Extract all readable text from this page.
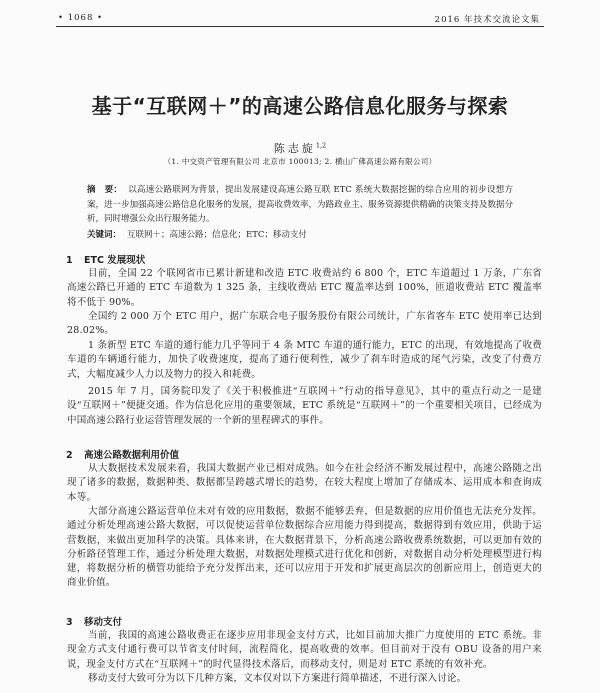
• 1068 •	2016 年技术交流论文集
基于“互联网＋”的高速公路信息化服务与探索
陈志旋$^{1,2}$
（1. 中交资产管理有限公司 北京市 100013; 2. 横山广佛高速公路有限公司）
摘　要： 以高速公路联网为背景，提出发展建设高速公路互联 ETC 系统大数据挖掘的综合应用的初步设想方案，进一步加强高速公路信息化服务的发展，提高收费效率，为路政业主、服务资源提供精确的决策支持及数据分析，同时增强公众出行服务能力。
关键词： 互联网＋；高速公路；信息化；ETC；移动支付
1 ETC 发展现状
目前，全国 22 个联网省市已累计新建和改造 ETC 收费站约 6 800 个，ETC 车道超过 1 万条，广东省高速公路已开通的 ETC 车道数为 1 325 条，主线收费站 ETC 覆盖率达到 100%，匝道收费站 ETC 覆盖率将不低于 90%。
全国约 2 000 万个 ETC 用户，据广东联合电子服务股份有限公司统计，广东省客车 ETC 使用率已达到 28.02%。
1 条新型 ETC 车道的通行能力几乎等同于 4 条 MTC 车道的通行能力，ETC 的出现，有效地提高了收费车道的车辆通行能力，加快了收费速度，提高了通行便利性，减少了刹车时造成的尾气污染，改变了付费方式，大幅度减少人力以及物力的投入和耗费。
2015 年 7 月，国务院印发了《关于积极推进“互联网＋”行动的指导意见》，其中的重点行动之一是建设“互联网＋”便捷交通。作为信息化应用的重要领域，ETC 系统是“互联网＋”的一个重要相关项目，已经成为中国高速公路行业运营管理发展的一个新的里程碑式的事件。
2 高速公路数据利用价值
从大数据技术发展来看，我国大数据产业已相对成熟。如今在社会经济不断发展过程中，高速公路随之出现了诸多的数据，数据种类、数据都呈跨越式增长的趋势，在较大程度上增加了存储成本、运用成本和查询成本等。
大部分高速公路运营单位未对有效的应用数据，数据不能够丢弃，但是数据的应用价值也无法充分发挥。通过分析处理高速公路大数据，可以促使运营单位数据综合应用能力得到提高，数据得到有效应用，供助于运营数据，来做出更加科学的决策。具体来讲，在大数据背景下，分析高速公路收费系统数据，可以更加有效的分析路径管理工作，通过分析处理大数据，对数据处理模式进行优化和创新，对数据自动分析处理模型进行构建，将数据分析的横管功能给予充分发挥出来，还可以应用于开发和扩展更高层次的创新应用上，创造更大的商业价值。
3 移动支付
当前，我国的高速公路收费正在逐步应用非现金支付方式，比如目前加大推广力度使用的 ETC 系统。非现金方式支付通行费可以节省支付时间，流程简化，提高收费的效率。但目前对于没有 OBU 设备的用户来说，现金支付方式在“互联网＋”的时代显得技术落后，而移动支付，则是对 ETC 系统的有效补充。
移动支付大致可分为以下几种方案，文本仅对以下方案进行简单描述，不进行深入讨论。
